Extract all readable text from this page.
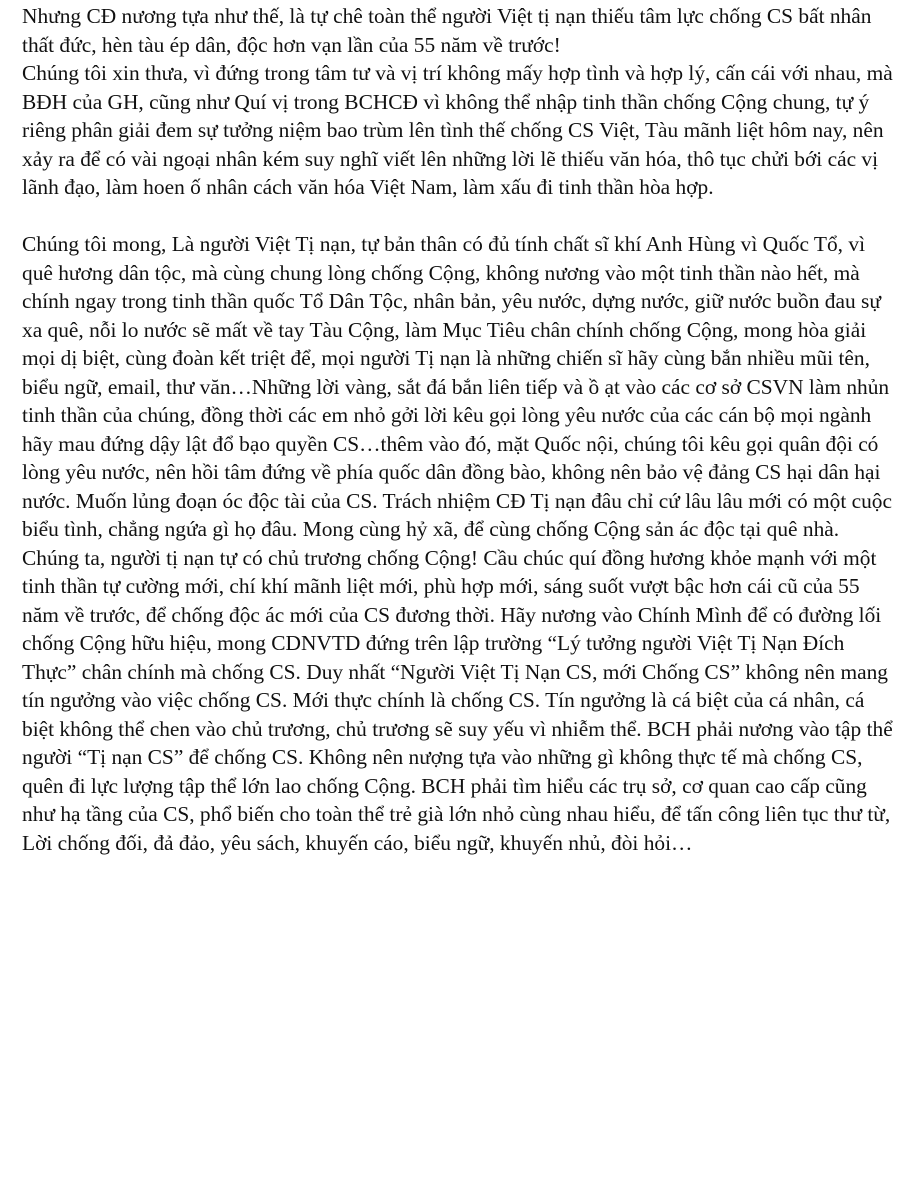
Nhưng CĐ nương tựa như thế, là tự chê toàn thể người Việt tị nạn thiếu tâm lực chống CS bất nhân thất đức, hèn tàu ép dân, độc hơn vạn lần của 55 năm về trước!

Chúng tôi xin thưa, vì đứng trong tâm tư và vị trí không mấy hợp tình và hợp lý, cấn cái với nhau, mà BĐH của GH, cũng như Quí vị trong BCHCĐ vì không thể nhập tinh thần chống Cộng chung, tự ý riêng phân giải đem sự tưởng niệm bao trùm lên tình thế chống CS Việt, Tàu mãnh liệt hôm nay, nên xảy ra để có vài ngoại nhân kém suy nghĩ viết lên những lời lẽ thiếu văn hóa, thô tục chửi bới các vị lãnh đạo, làm hoen ố nhân cách văn hóa Việt Nam, làm xấu đi tinh thần hòa hợp.

Chúng tôi mong, Là người Việt Tị nạn, tự bản thân có đủ tính chất sĩ khí Anh Hùng vì Quốc Tổ, vì quê hương dân tộc, mà cùng chung lòng chống Cộng, không nương vào một tinh thần nào hết, mà chính ngay trong tinh thần quốc Tổ Dân Tộc, nhân bản, yêu nước, dựng nước, giữ nước buồn đau sự xa quê, nỗi lo nước sẽ mất về tay Tàu Cộng, làm Mục Tiêu chân chính chống Cộng, mong hòa giải mọi dị biệt, cùng đoàn kết triệt để, mọi người Tị nạn là những chiến sĩ hãy cùng bắn nhiều mũi tên, biểu ngữ, email, thư văn…Những lời vàng, sắt đá bắn liên tiếp và ồ ạt vào các cơ sở CSVN làm nhủn tinh thần của chúng, đồng thời các em nhỏ gởi lời kêu gọi lòng yêu nước của các cán bộ mọi ngành hãy mau đứng dậy lật đổ bạo quyền CS…thêm vào đó, mặt Quốc nội, chúng tôi kêu gọi quân đội có lòng yêu nước, nên hồi tâm đứng về phía quốc dân đồng bào, không nên bảo vệ đảng CS hại dân hại nước. Muốn lủng đoạn óc độc tài của CS. Trách nhiệm CĐ Tị nạn đâu chỉ cứ lâu lâu mới có một cuộc biểu tình, chẳng ngứa gì họ đâu. Mong cùng hỷ xã, để cùng chống Cộng sản ác độc tại quê nhà. Chúng ta, người tị nạn tự có chủ trương chống Cộng! Cầu chúc quí đồng hương khỏe mạnh với một tinh thần tự cường mới, chí khí mãnh liệt mới, phù hợp mới, sáng suốt vượt bậc hơn cái cũ của 55 năm về trước, để chống độc ác mới của CS đương thời. Hãy nương vào Chính Mình để có đường lối chống Cộng hữu hiệu, mong CDNVTD đứng trên lập trường “Lý tưởng người Việt Tị Nạn Đích Thực” chân chính mà chống CS. Duy nhất “Người Việt Tị Nạn CS, mới Chống CS” không nên mang tín ngưởng vào việc chống CS. Mới thực chính là chống CS. Tín ngưởng là cá biệt của cá nhân, cá biệt không thể chen vào chủ trương, chủ trương sẽ suy yếu vì nhiễm thể. BCH phải nương vào tập thể người “Tị nạn CS” để chống CS. Không nên nượng tựa vào những gì không thực tế mà chống CS, quên đi lực lượng tập thể lớn lao chống Cộng. BCH phải tìm hiểu các trụ sở, cơ quan cao cấp cũng như hạ tầng của CS, phổ biến cho toàn thể trẻ già lớn nhỏ cùng nhau hiểu, để tấn công liên tục thư từ, Lời chống đối, đả đảo, yêu sách, khuyến cáo, biểu ngữ, khuyến nhủ, đòi hỏi…
